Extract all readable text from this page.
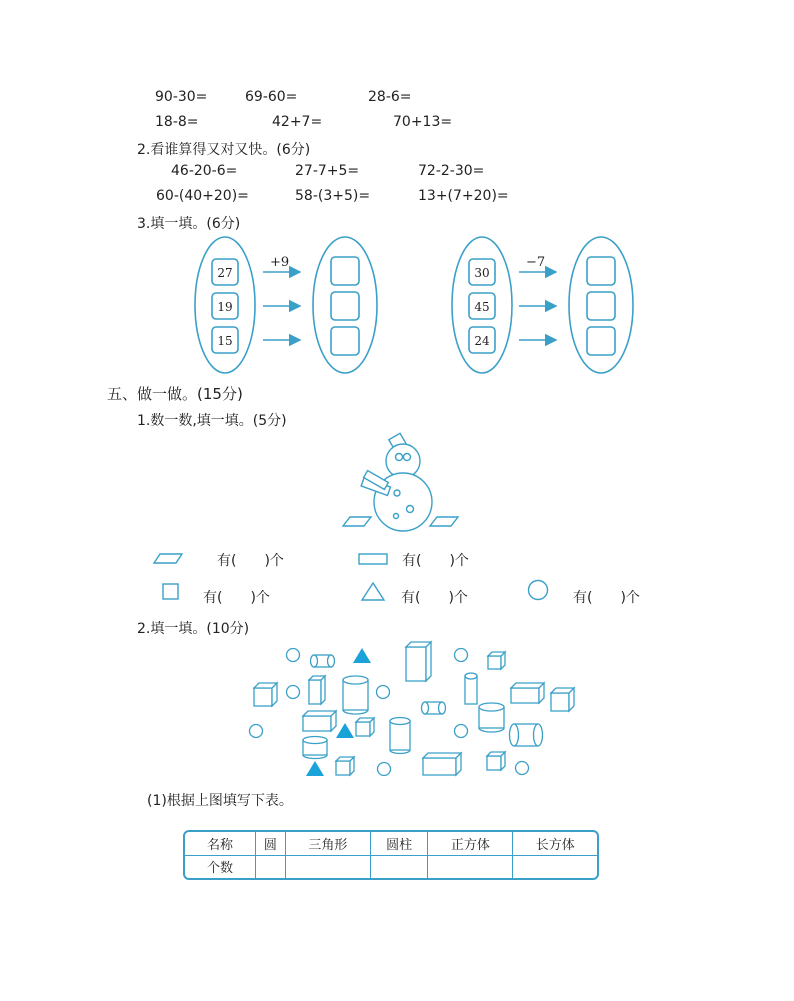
90-30=	69-60=	28-6=
18-8=	42+7=	70+13=
2.看谁算得又对又快。(6分)
46-20-6=	27-7+5=	72-2-30=
60-(40+20)=	58-(3+5)=	13+(7+20)=
3.填一填。(6分)
+9
27
19
15
−7
30
45
24
五、做一做。(15分)
1.数一数,填一填。(5分)
有(　　)个	有(　　)个
有(　　)个	有(　　)个	有(　　)个
2.填一填。(10分)
(1)根据上图填写下表。
名称	圆	三角形	圆柱	正方体	长方体
个数					
